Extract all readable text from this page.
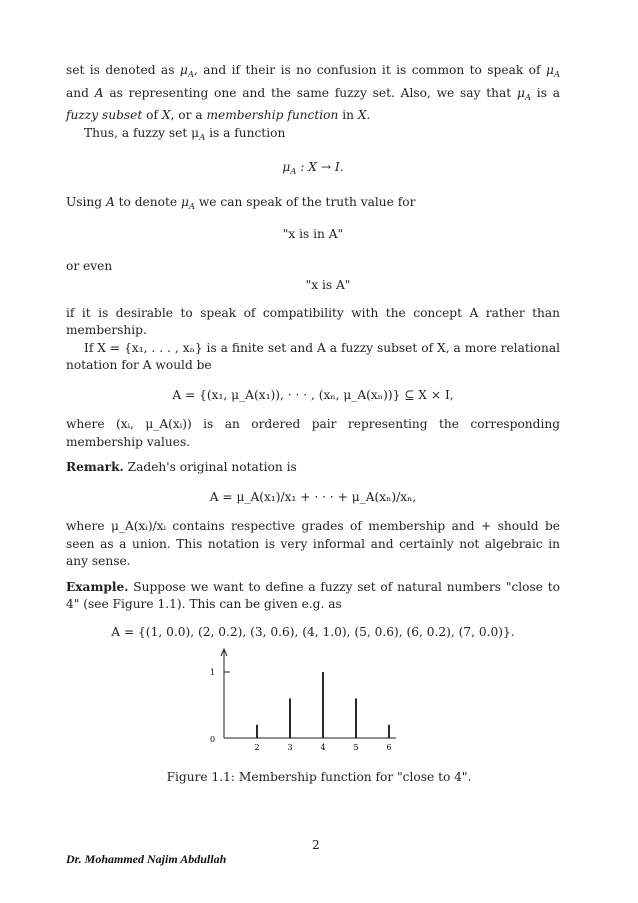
set is denoted as $\mu_A$, and if their is no confusion it is common to speak of $\mu_A$ and A as representing one and the same fuzzy set. Also, we say that $\mu_A$ is a fuzzy subset of X, or a membership function in X.

Thus, a fuzzy set $\mu_A$ is a function

$\mu_A$ : X → I.

Using A to denote $\mu_A$ we can speak of the truth value for

"x is in A"

or even

"x is A"

if it is desirable to speak of compatibility with the concept A rather than membership.

If X = {x₁, . . . , xₙ} is a finite set and A a fuzzy subset of X, a more relational notation for A would be

A = {(x₁, μ_A(x₁)), · · · , (xₙ, μ_A(xₙ))} ⊆ X × I,

where (xᵢ, μ_A(xᵢ)) is an ordered pair representing the corresponding membership values.

Remark. Zadeh's original notation is

A = μ_A(x₁)/x₁ + · · · + μ_A(xₙ)/xₙ,

where μ_A(xᵢ)/xᵢ contains respective grades of membership and + should be seen as a union. This notation is very informal and certainly not algebraic in any sense.

Example. Suppose we want to define a fuzzy set of natural numbers "close to 4" (see Figure 1.1). This can be given e.g. as

A = {(1, 0.0), (2, 0.2), (3, 0.6), (4, 1.0), (5, 0.6), (6, 0.2), (7, 0.0)}.

1
0
2	3	4	5	6
Figure 1.1: Membership function for "close to 4".
2
Dr. Mohammed Najim Abdullah
